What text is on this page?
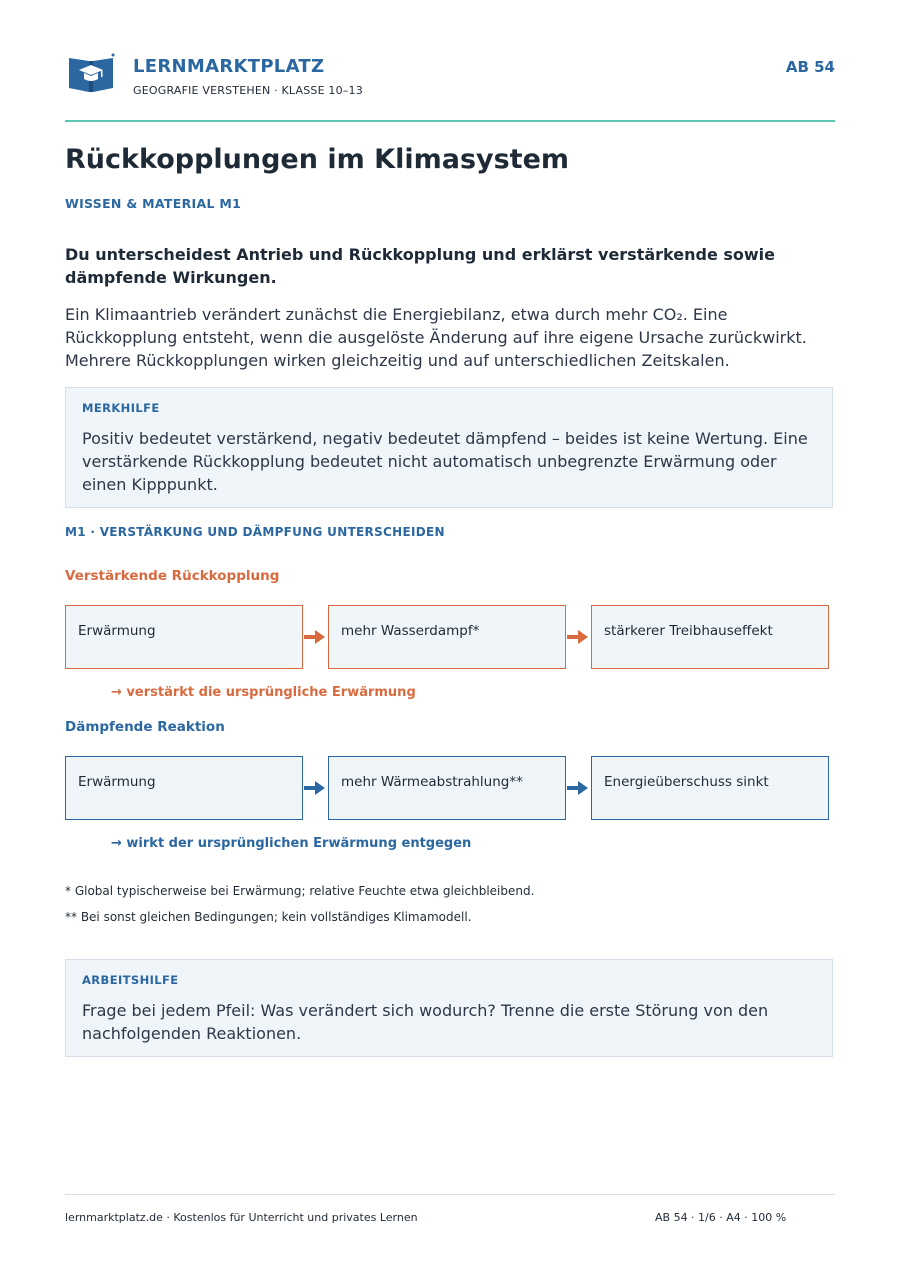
LERNMARKTPLATZ
GEOGRAFIE VERSTEHEN · KLASSE 10–13
AB 54
Rückkopplungen im Klimasystem
WISSEN & MATERIAL M1

Du unterscheidest Antrieb und Rückkopplung und erklärst verstärkende sowie dämpfende Wirkungen.

Ein Klimaantrieb verändert zunächst die Energiebilanz, etwa durch mehr CO₂. Eine Rückkopplung entsteht, wenn die ausgelöste Änderung auf ihre eigene Ursache zurückwirkt. Mehrere Rückkopplungen wirken gleichzeitig und auf unterschiedlichen Zeitskalen.

MERKHILFE
Positiv bedeutet verstärkend, negativ bedeutet dämpfend – beides ist keine Wertung. Eine verstärkende Rückkopplung bedeutet nicht automatisch unbegrenzte Erwärmung oder einen Kipppunkt.
M1 · VERSTÄRKUNG UND DÄMPFUNG UNTERSCHEIDEN
Verstärkende Rückkopplung
Erwärmung	mehr Wasserdampf*	stärkerer Treibhauseffekt
→ verstärkt die ursprüngliche Erwärmung
Dämpfende Reaktion
Erwärmung	mehr Wärmeabstrahlung**	Energieüberschuss sinkt
→ wirkt der ursprünglichen Erwärmung entgegen
* Global typischerweise bei Erwärmung; relative Feuchte etwa gleichbleibend.
** Bei sonst gleichen Bedingungen; kein vollständiges Klimamodell.
ARBEITSHILFE
Frage bei jedem Pfeil: Was verändert sich wodurch? Trenne die erste Störung von den nachfolgenden Reaktionen.
lernmarktplatz.de · Kostenlos für Unterricht und privates Lernen	AB 54 · 1/6 · A4 · 100 %
